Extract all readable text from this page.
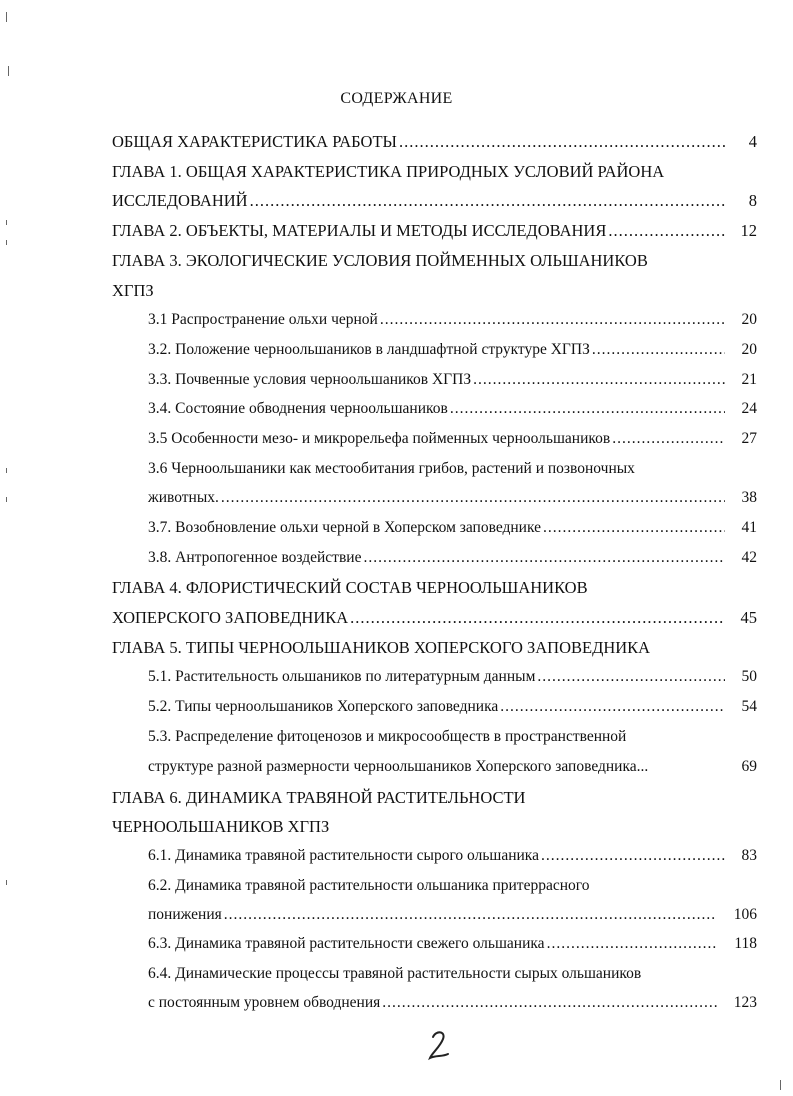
СОДЕРЖАНИЕ
ОБЩАЯ ХАРАКТЕРИСТИКА РАБОТЫ .....	4
ГЛАВА 1. ОБЩАЯ ХАРАКТЕРИСТИКА ПРИРОДНЫХ УСЛОВИЙ РАЙОНА
ИССЛЕДОВАНИЙ .....	8
ГЛАВА 2. ОБЪЕКТЫ, МАТЕРИАЛЫ И МЕТОДЫ ИССЛЕДОВАНИЯ .....	12
ГЛАВА 3. ЭКОЛОГИЧЕСКИЕ УСЛОВИЯ ПОЙМЕННЫХ ОЛЬШАНИКОВ
ХГПЗ
3.1 Распространение ольхи черной .....	20
3.2. Положение черноольшаников в ландшафтной структуре ХГПЗ .....	20
3.3. Почвенные условия черноольшаников ХГПЗ .....	21
3.4. Состояние обводнения черноольшаников .....	24
3.5 Особенности мезо- и микрорельефа пойменных черноольшаников .....	27
3.6 Черноольшаники как местообитания грибов, растений и позвоночных
животных. .....	38
3.7. Возобновление ольхи черной в Хоперском заповеднике .....	41
3.8. Антропогенное воздействие .....	42
ГЛАВА 4. ФЛОРИСТИЧЕСКИЙ СОСТАВ ЧЕРНООЛЬШАНИКОВ
ХОПЕРСКОГО ЗАПОВЕДНИКА .....	45
ГЛАВА 5. ТИПЫ ЧЕРНООЛЬШАНИКОВ ХОПЕРСКОГО ЗАПОВЕДНИКА
5.1. Растительность ольшаников по литературным данным .....	50
5.2. Типы черноольшаников Хоперского заповедника .....	54
5.3. Распределение фитоценозов и микросообществ в пространственной
структуре разной размерности черноольшаников Хоперского заповедника...	69
ГЛАВА 6. ДИНАМИКА ТРАВЯНОЙ РАСТИТЕЛЬНОСТИ
ЧЕРНООЛЬШАНИКОВ ХГПЗ
6.1. Динамика травяной растительности сырого ольшаника .....	83
6.2. Динамика травяной растительности ольшаника притеррасного
понижения .....	106
6.3. Динамика травяной растительности свежего ольшаника .....	118
6.4. Динамические процессы травяной растительности сырых ольшаников
с постоянным уровнем обводнения .....	123
